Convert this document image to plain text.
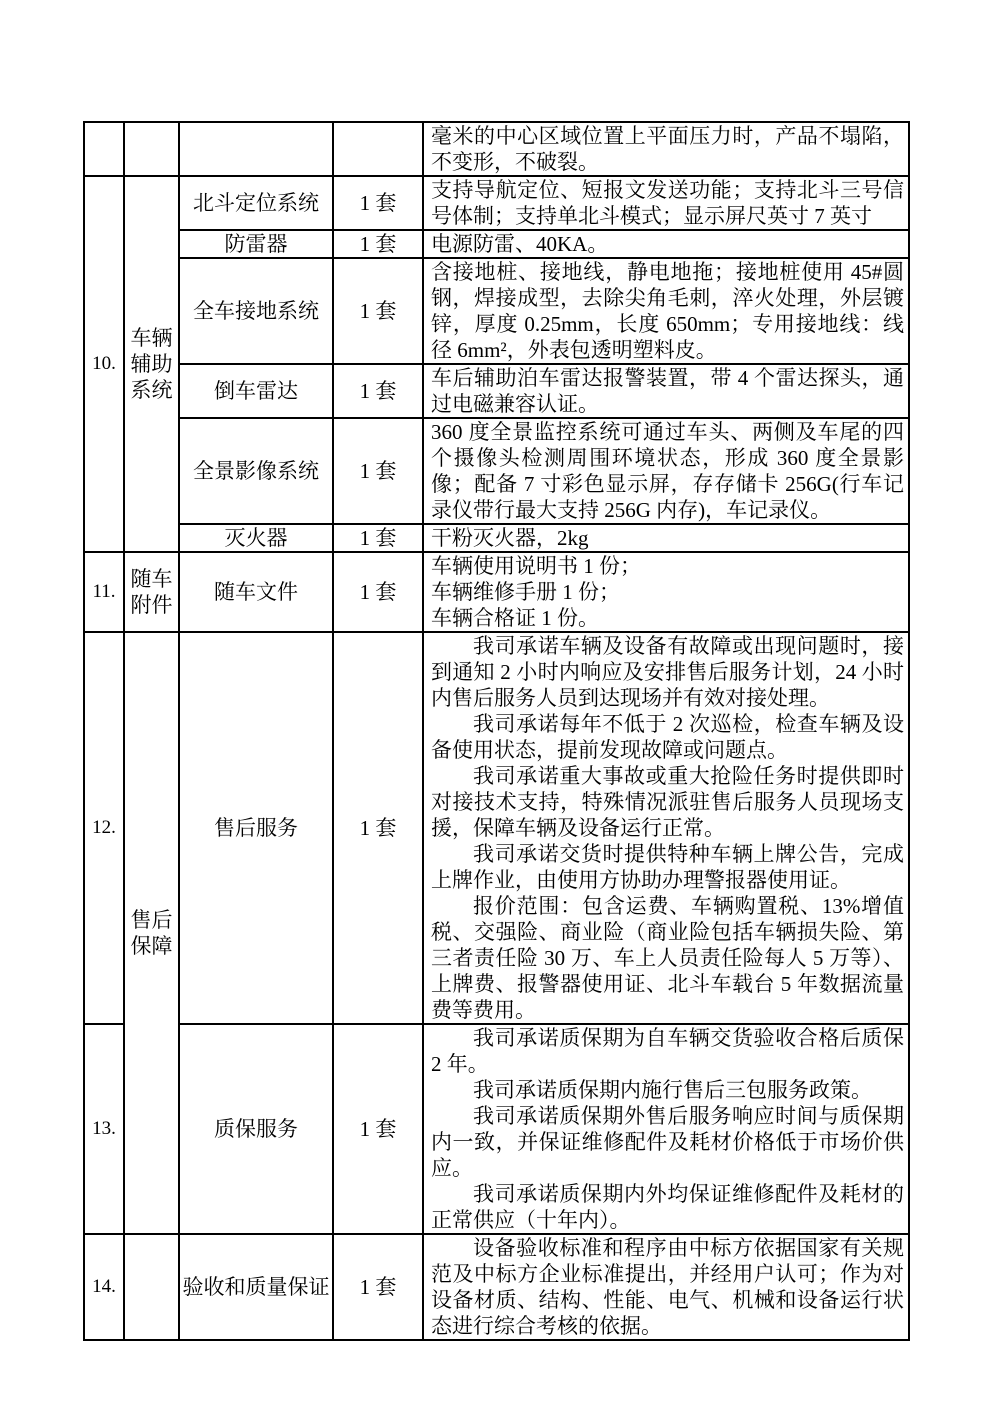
				毫米的中心区域位置上平面压力时，产品不塌陷，不变形，不破裂。

10.	车辆辅助系统	北斗定位系统	1 套	支持导航定位、短报文发送功能；支持北斗三号信号体制；支持单北斗模式；显示屏尺英寸 7 英寸

		防雷器	1 套	电源防雷、40KA。

		全车接地系统	1 套	含接地桩、接地线，静电地拖；接地桩使用 45#圆钢，焊接成型，去除尖角毛刺，淬火处理，外层镀锌，厚度 0.25mm，长度 650mm；专用接地线：线径 6mm²，外表包透明塑料皮。

		倒车雷达	1 套	车后辅助泊车雷达报警装置，带 4 个雷达探头，通过电磁兼容认证。

		全景影像系统	1 套	360 度全景监控系统可通过车头、两侧及车尾的四个摄像头检测周围环境状态，形成 360 度全景影像；配备 7 寸彩色显示屏，存存储卡 256G(行车记录仪带行最大支持 256G 内存)，车记录仪。

		灭火器	1 套	干粉灭火器，2kg

11.	随车附件	随车文件	1 套	车辆使用说明书 1 份；
车辆维修手册 1 份；
车辆合格证 1 份。

12.	售后保障	售后服务	1 套	我司承诺车辆及设备有故障或出现问题时，接到通知 2 小时内响应及安排售后服务计划，24 小时内售后服务人员到达现场并有效对接处理。
我司承诺每年不低于 2 次巡检，检查车辆及设备使用状态，提前发现故障或问题点。
我司承诺重大事故或重大抢险任务时提供即时对接技术支持，特殊情况派驻售后服务人员现场支援，保障车辆及设备运行正常。
我司承诺交货时提供特种车辆上牌公告，完成上牌作业，由使用方协助办理警报器使用证。
报价范围：包含运费、车辆购置税、13%增值税、交强险、商业险（商业险包括车辆损失险、第三者责任险 30 万、车上人员责任险每人 5 万等）、上牌费、报警器使用证、北斗车载台 5 年数据流量费等费用。

13.		质保服务	1 套	我司承诺质保期为自车辆交货验收合格后质保 2 年。
我司承诺质保期内施行售后三包服务政策。
我司承诺质保期外售后服务响应时间与质保期内一致，并保证维修配件及耗材价格低于市场价供应。
我司承诺质保期内外均保证维修配件及耗材的正常供应（十年内）。

14.		验收和质量保证	1 套	设备验收标准和程序由中标方依据国家有关规范及中标方企业标准提出，并经用户认可；作为对设备材质、结构、性能、电气、机械和设备运行状态进行综合考核的依据。
